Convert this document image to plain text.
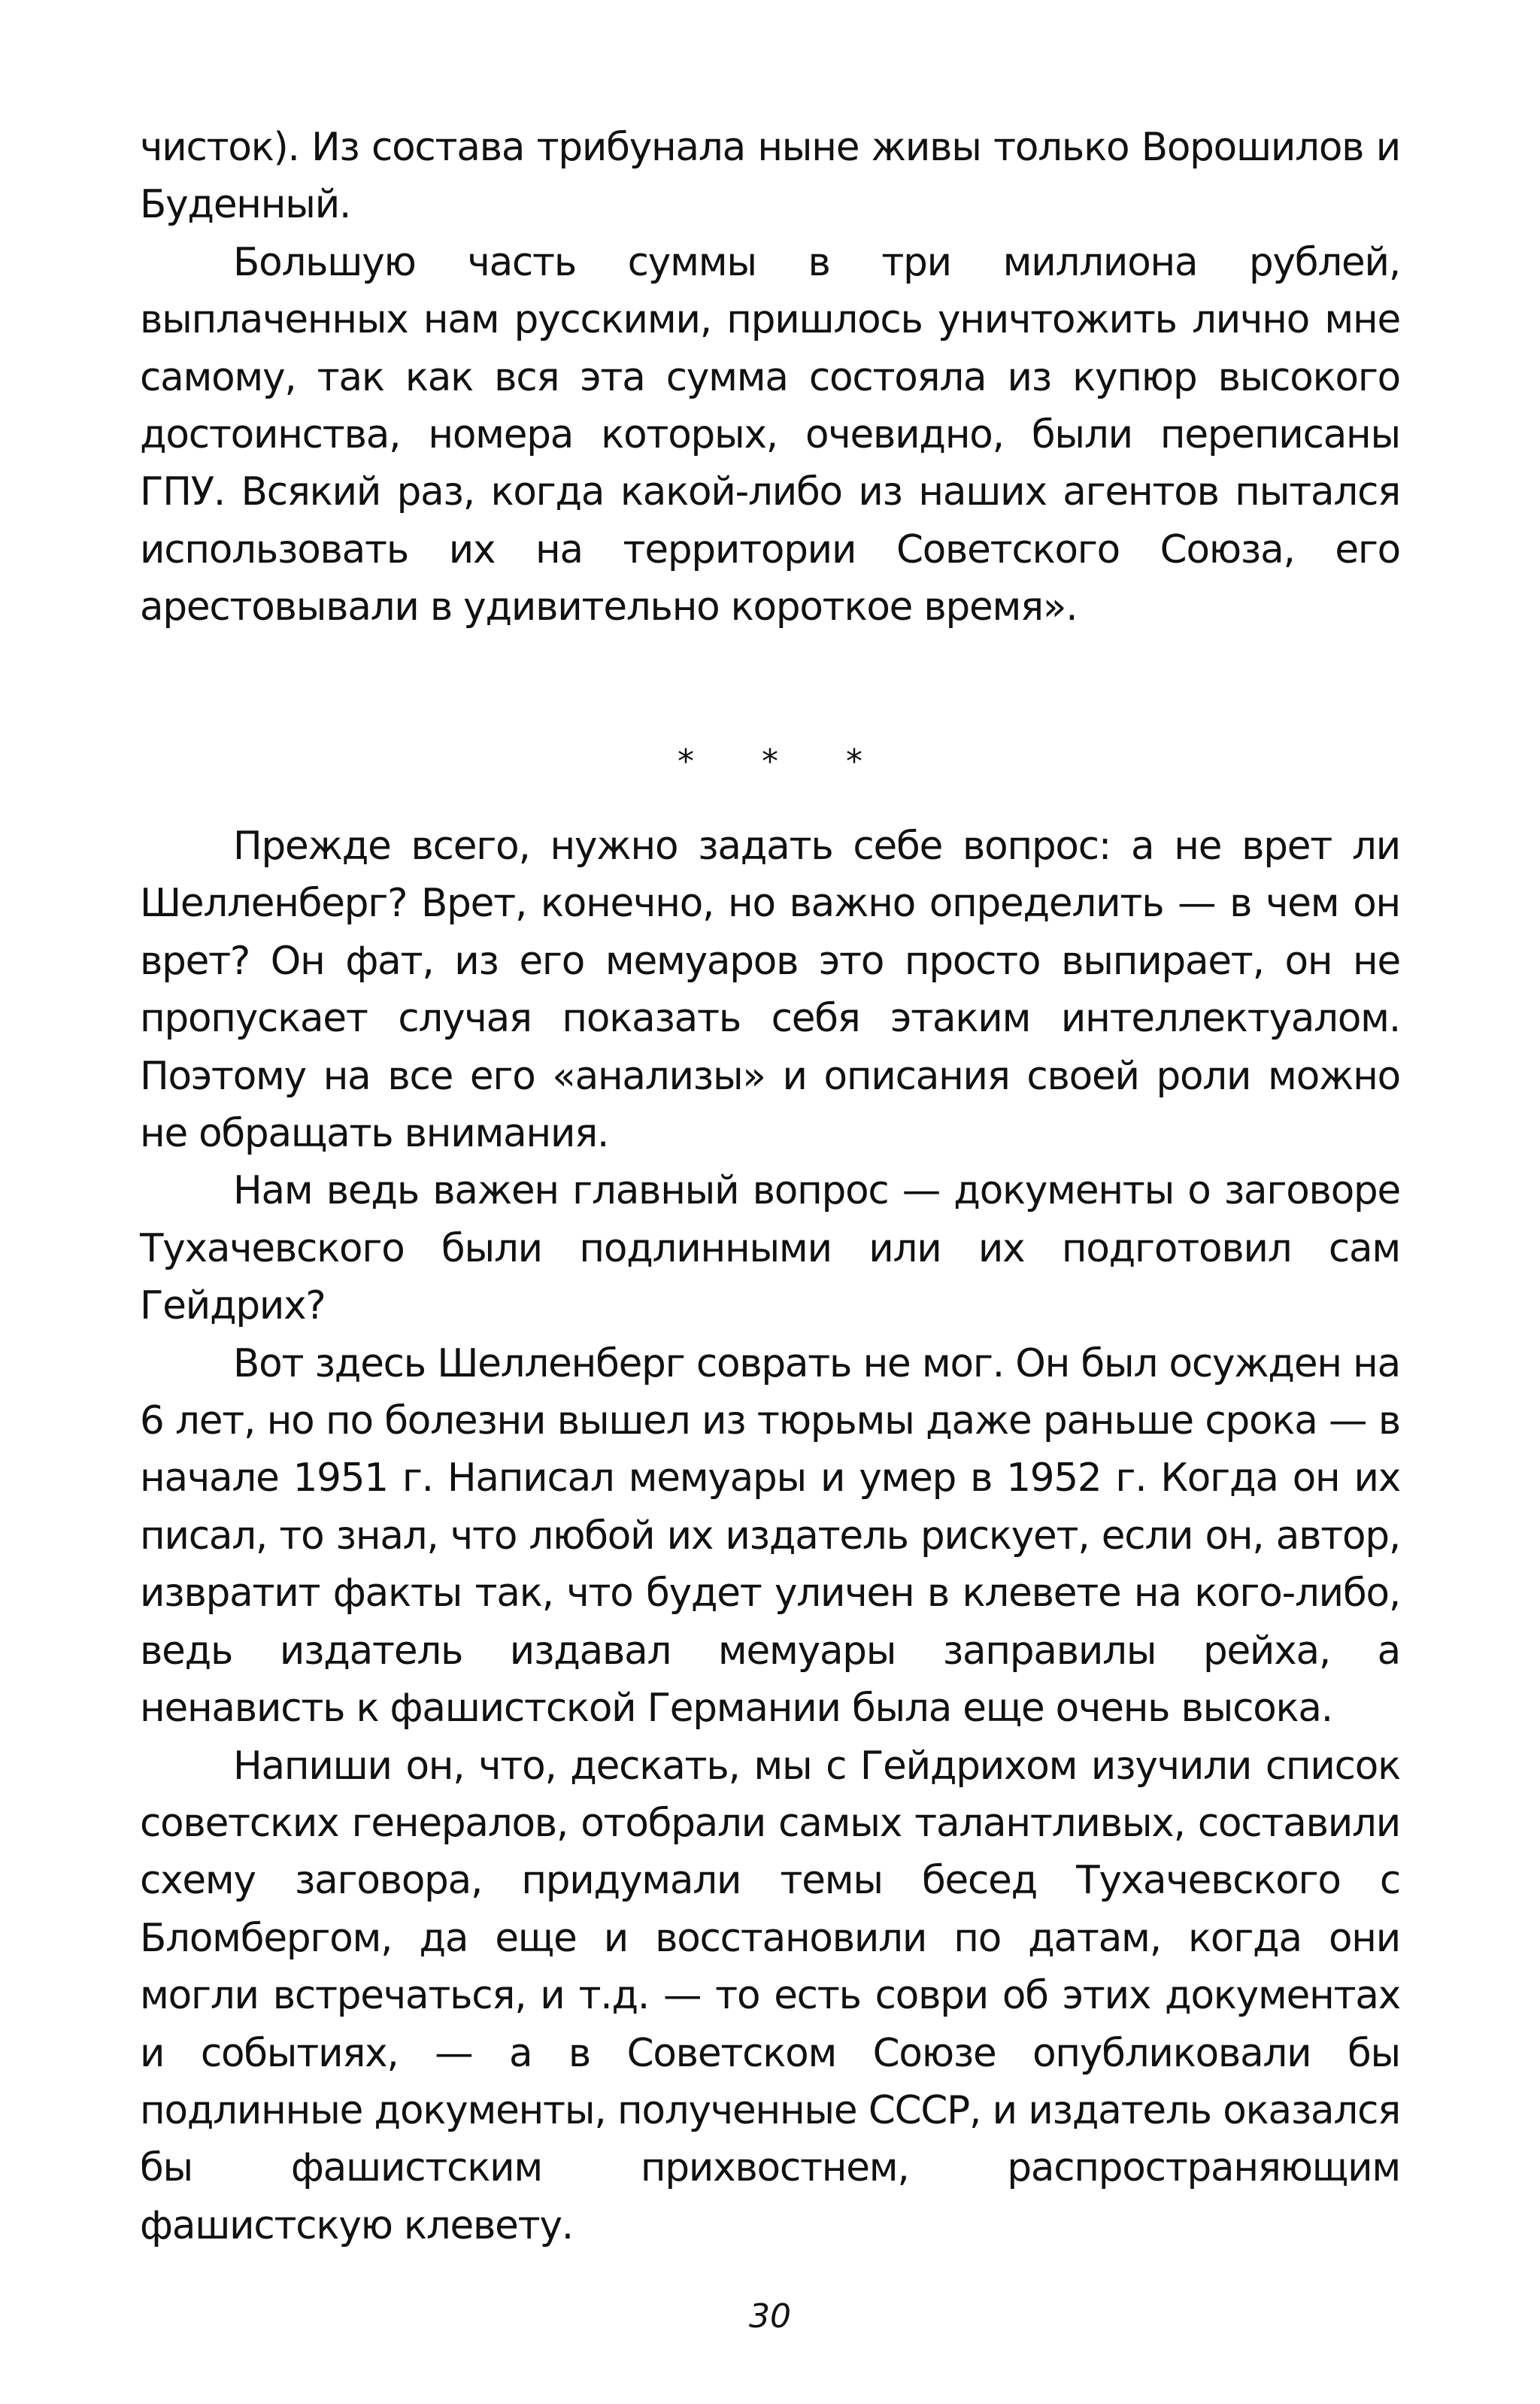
чисток). Из состава трибунала ныне живы только Ворошилов и Буденный.

Большую часть суммы в три миллиона рублей, выплаченных нам русскими, пришлось уничтожить лично мне самому, так как вся эта сумма состояла из купюр высокого достоинства, номера которых, очевидно, были переписаны ГПУ. Всякий раз, когда какой-либо из наших агентов пытался использовать их на территории Советского Союза, его арестовывали в удивительно короткое время».

* * *

Прежде всего, нужно задать себе вопрос: а не врет ли Шелленберг? Врет, конечно, но важно определить — в чем он врет? Он фат, из его мемуаров это просто выпирает, он не пропускает случая показать себя этаким интеллектуалом. Поэтому на все его «анализы» и описания своей роли можно не обращать внимания.

Нам ведь важен главный вопрос — документы о заговоре Тухачевского были подлинными или их подготовил сам Гейдрих?

Вот здесь Шелленберг соврать не мог. Он был осужден на 6 лет, но по болезни вышел из тюрьмы даже раньше срока — в начале 1951 г. Написал мемуары и умер в 1952 г. Когда он их писал, то знал, что любой их издатель рискует, если он, автор, извратит факты так, что будет уличен в клевете на кого-либо, ведь издатель издавал мемуары заправилы рейха, а ненависть к фашистской Германии была еще очень высока.

Напиши он, что, дескать, мы с Гейдрихом изучили список советских генералов, отобрали самых талантливых, составили схему заговора, придумали темы бесед Тухачевского с Бломбергом, да еще и восстановили по датам, когда они могли встречаться, и т.д. — то есть соври об этих документах и событиях, — а в Советском Союзе опубликовали бы подлинные документы, полученные СССР, и издатель оказался бы фашистским прихвостнем, распространяющим фашистскую клевету.

30
